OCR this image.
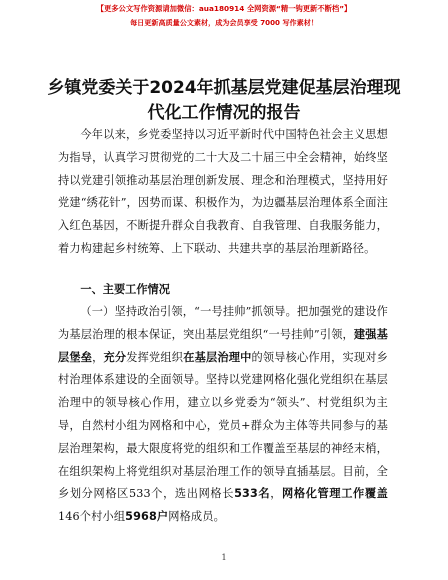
【更多公文写作资源请加微信：aua180914 全网资源“精一钩更新不断档”】
每日更新高质量公文素材，成为会员享受 7000 写作素材！
乡镇党委关于2024年抓基层党建促基层治理现
代化工作情况的报告

今年以来，乡党委坚持以习近平新时代中国特色社会主义思想为指导，认真学习贯彻党的二十大及二十届三中全会精神，始终坚持以党建引领推动基层治理创新发展、理念和治理模式，坚持用好党建“绣花针”，因势而谋、积极作为，为边疆基层治理体系全面注入红色基因，不断提升群众自我教育、自我管理、自我服务能力，着力构建起乡村统筹、上下联动、共建共享的基层治理新路径。

一、主要工作情况

（一）坚持政治引领，“一号挂帅”抓领导。把加强党的建设作为基层治理的根本保证，突出基层党组织“一号挂帅”引领，建强基层堡垒，充分发挥党组织在基层治理中的领导核心作用，实现对乡村治理体系建设的全面领导。坚持以党建网格化强化党组织在基层治理中的领导核心作用，建立以乡党委为“领头”、村党组织为主导，自然村小组为网格和中心，党员+群众为主体等共同参与的基层治理架构，最大限度将党的组织和工作覆盖至基层的神经末梢，在组织架构上将党组织对基层治理工作的领导直插基层。目前，全乡划分网格区533个，选出网格长533名，网格化管理工作覆盖146个村小组5968户网格成员。

1
